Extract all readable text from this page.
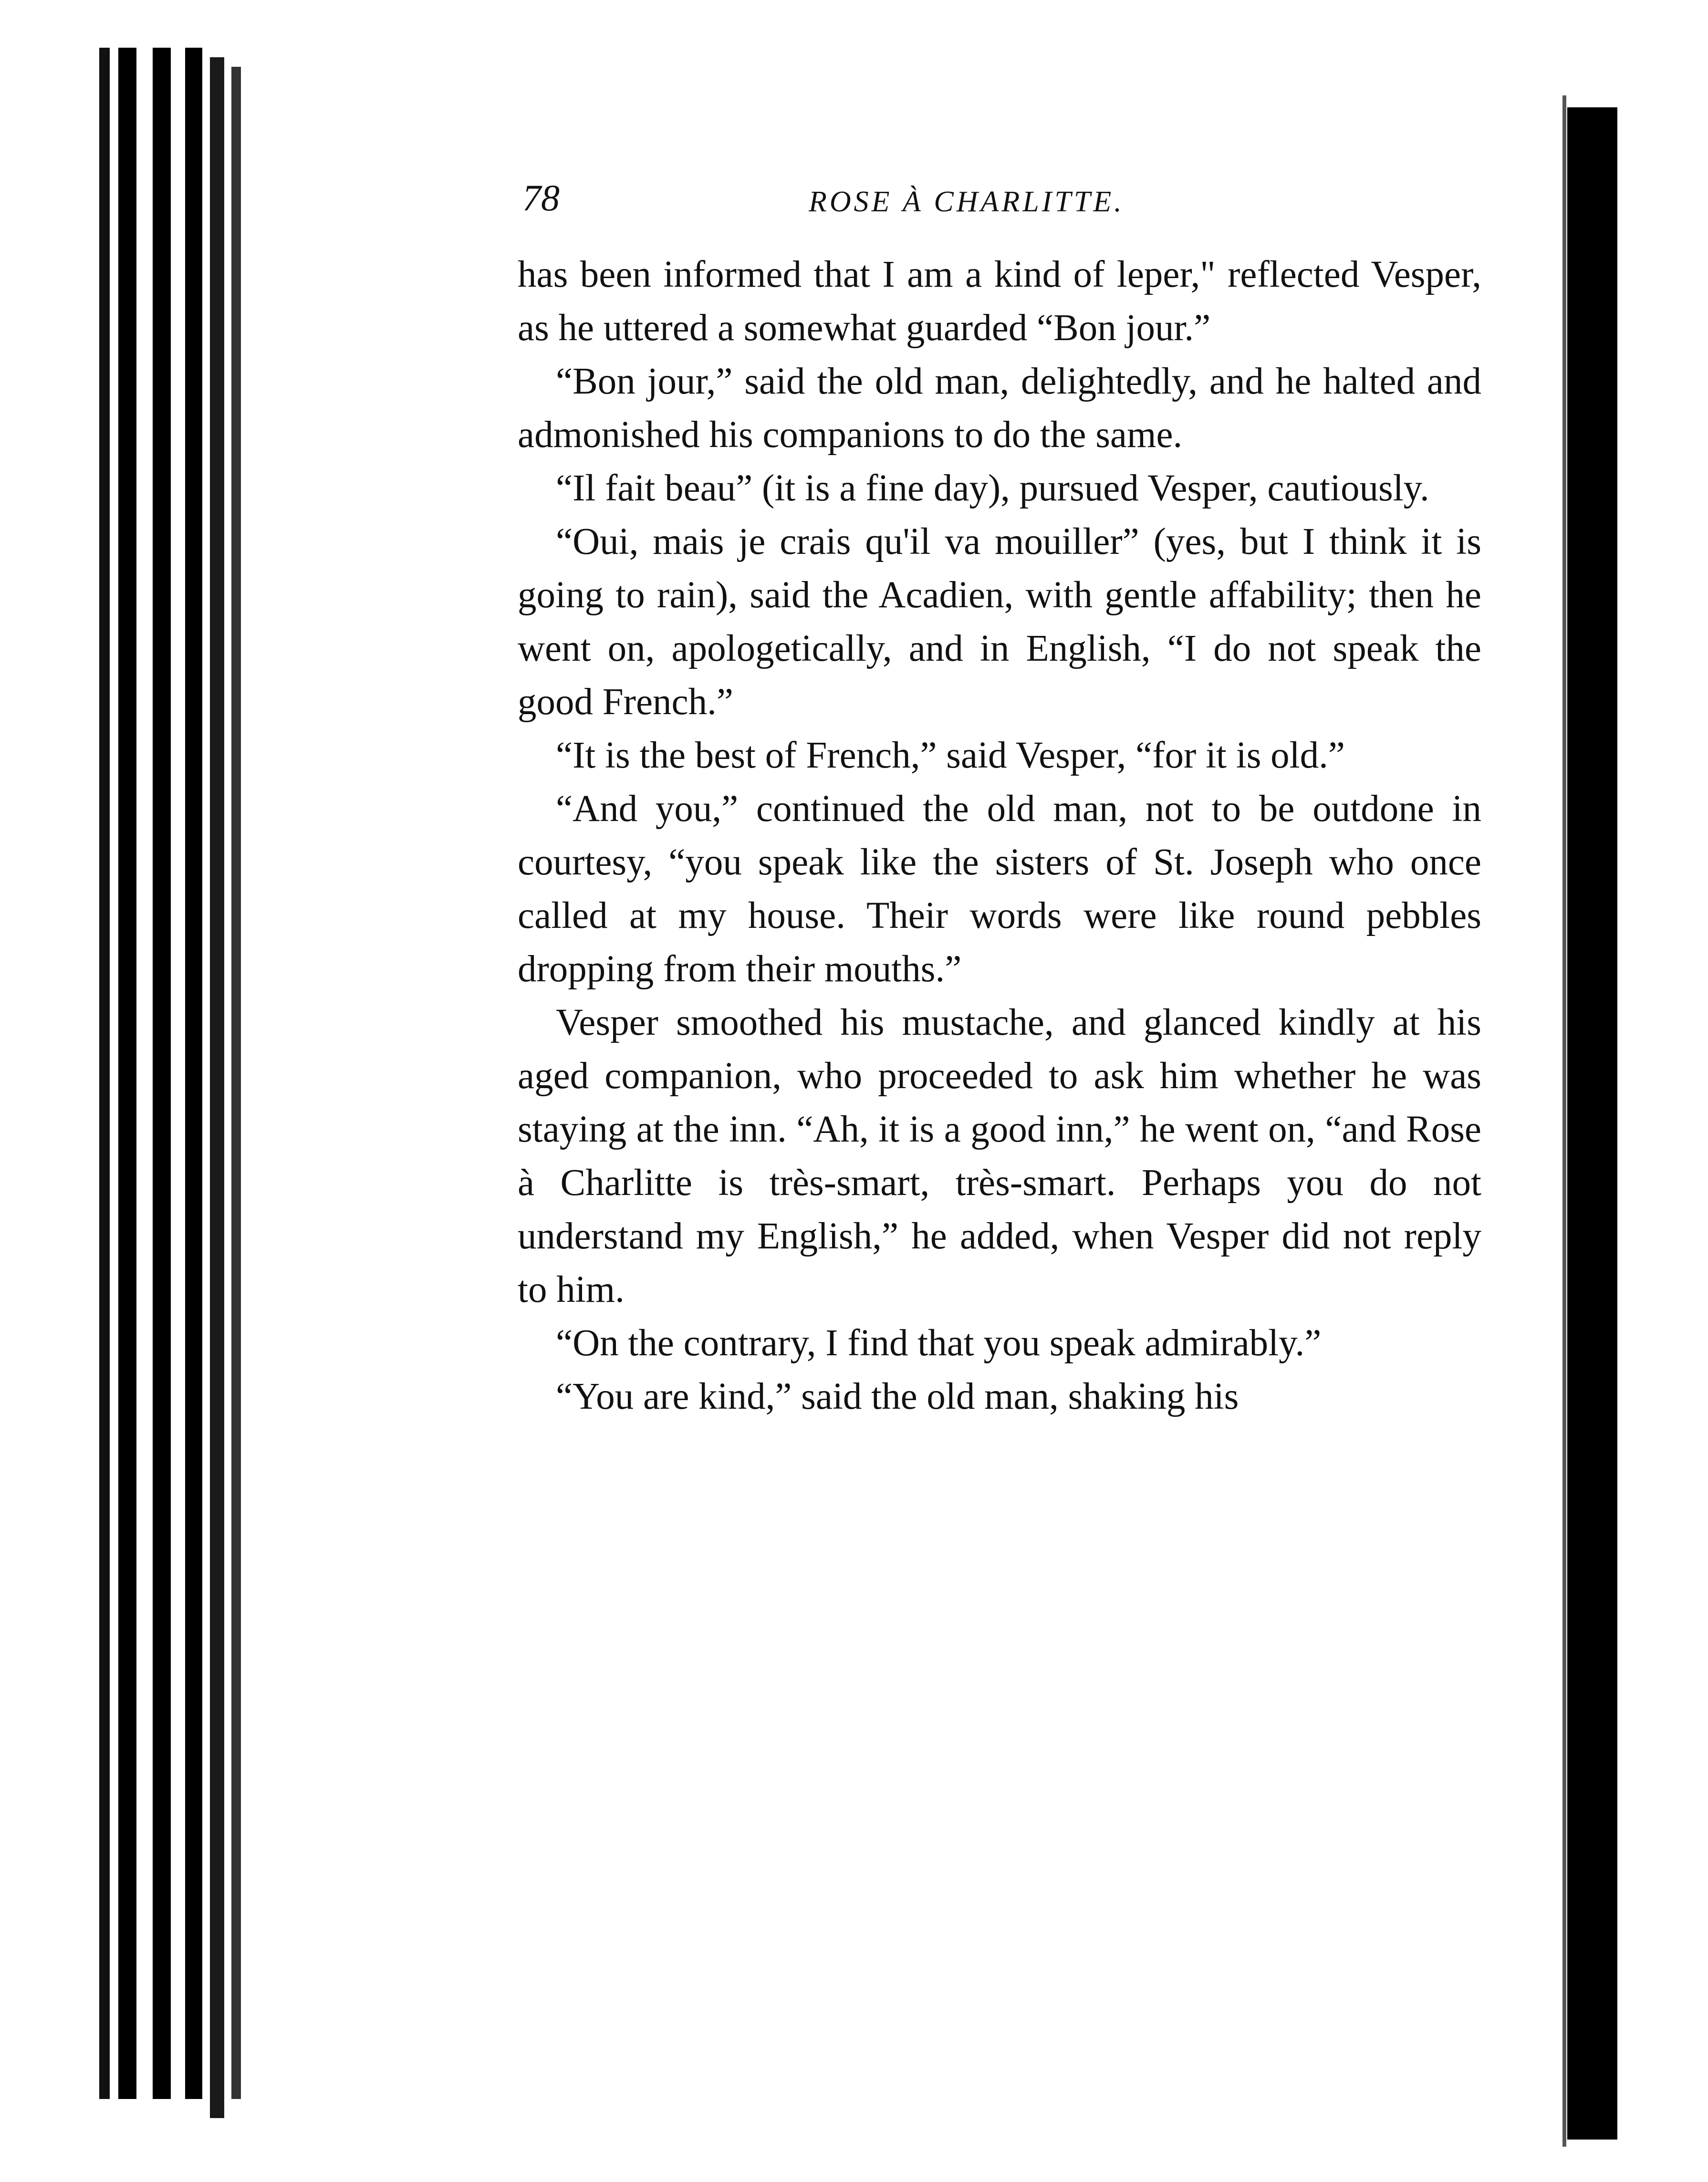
78	ROSE À CHARLITTE.

has been informed that I am a kind of leper," reflected Vesper, as he uttered a somewhat guarded “Bon jour.”

“Bon jour,” said the old man, delightedly, and he halted and admonished his companions to do the same.

“Il fait beau” (it is a fine day), pursued Vesper, cautiously.

“Oui, mais je crais qu'il va mouiller” (yes, but I think it is going to rain), said the Acadien, with gentle affability; then he went on, apologetically, and in English, “I do not speak the good French.”

“It is the best of French,” said Vesper, “for it is old.”

“And you,” continued the old man, not to be outdone in courtesy, “you speak like the sisters of St. Joseph who once called at my house. Their words were like round pebbles dropping from their mouths.”

Vesper smoothed his mustache, and glanced kindly at his aged companion, who proceeded to ask him whether he was staying at the inn. “Ah, it is a good inn,” he went on, “and Rose à Charlitte is très-smart, très-smart. Perhaps you do not understand my English,” he added, when Vesper did not reply to him.

“On the contrary, I find that you speak admirably.”

“You are kind,” said the old man, shaking his
